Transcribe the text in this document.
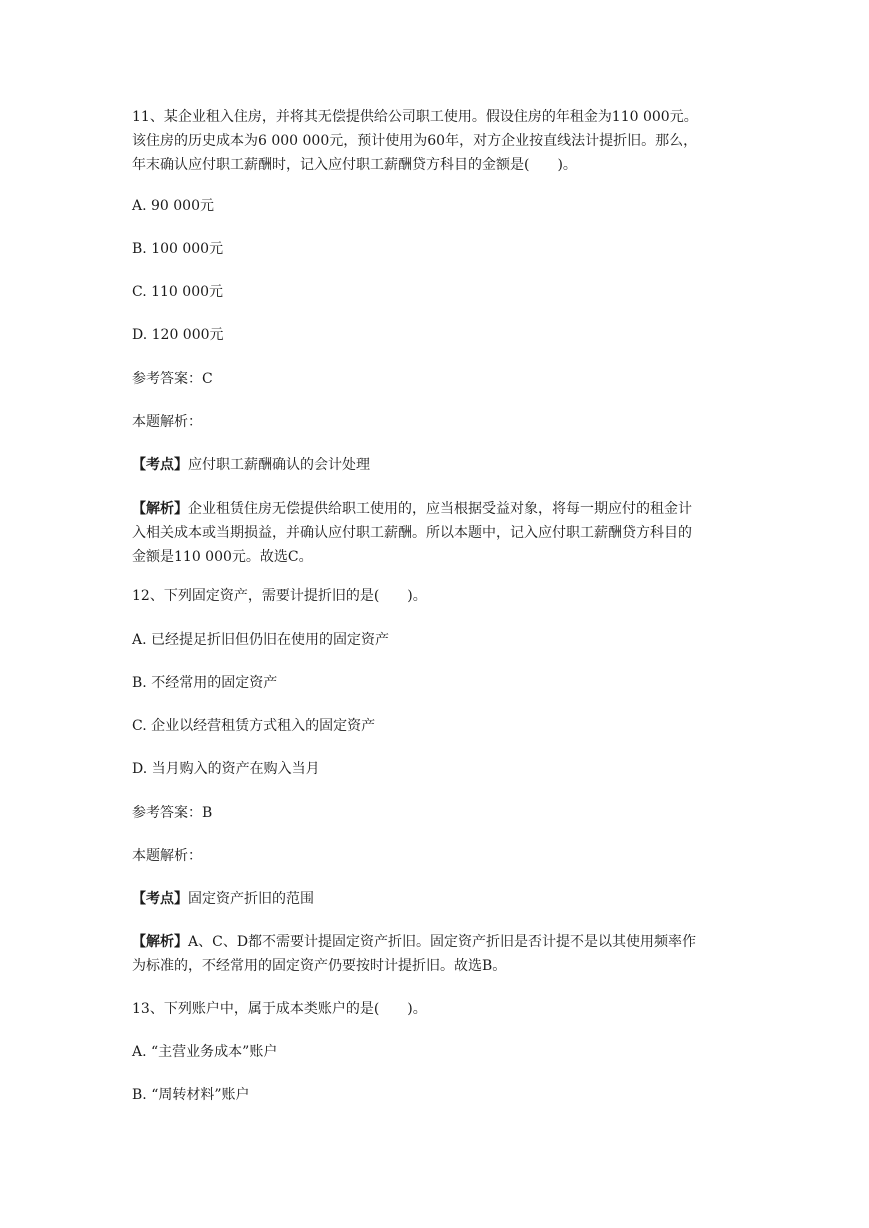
11、某企业租入住房，并将其无偿提供给公司职工使用。假设住房的年租金为110 000元。
该住房的历史成本为6 000 000元，预计使用为60年，对方企业按直线法计提折旧。那么，
年末确认应付职工薪酬时，记入应付职工薪酬贷方科目的金额是(　　)。
A. 90 000元
B. 100 000元
C. 110 000元
D. 120 000元
参考答案：C
本题解析：
【考点】应付职工薪酬确认的会计处理
【解析】企业租赁住房无偿提供给职工使用的，应当根据受益对象，将每一期应付的租金计
入相关成本或当期损益，并确认应付职工薪酬。所以本题中，记入应付职工薪酬贷方科目的
金额是110 000元。故选C。
12、下列固定资产，需要计提折旧的是(　　)。
A. 已经提足折旧但仍旧在使用的固定资产
B. 不经常用的固定资产
C. 企业以经营租赁方式租入的固定资产
D. 当月购入的资产在购入当月
参考答案：B
本题解析：
【考点】固定资产折旧的范围
【解析】A、C、D都不需要计提固定资产折旧。固定资产折旧是否计提不是以其使用频率作
为标准的，不经常用的固定资产仍要按时计提折旧。故选B。
13、下列账户中，属于成本类账户的是(　　)。
A. “主营业务成本”账户
B. “周转材料”账户
